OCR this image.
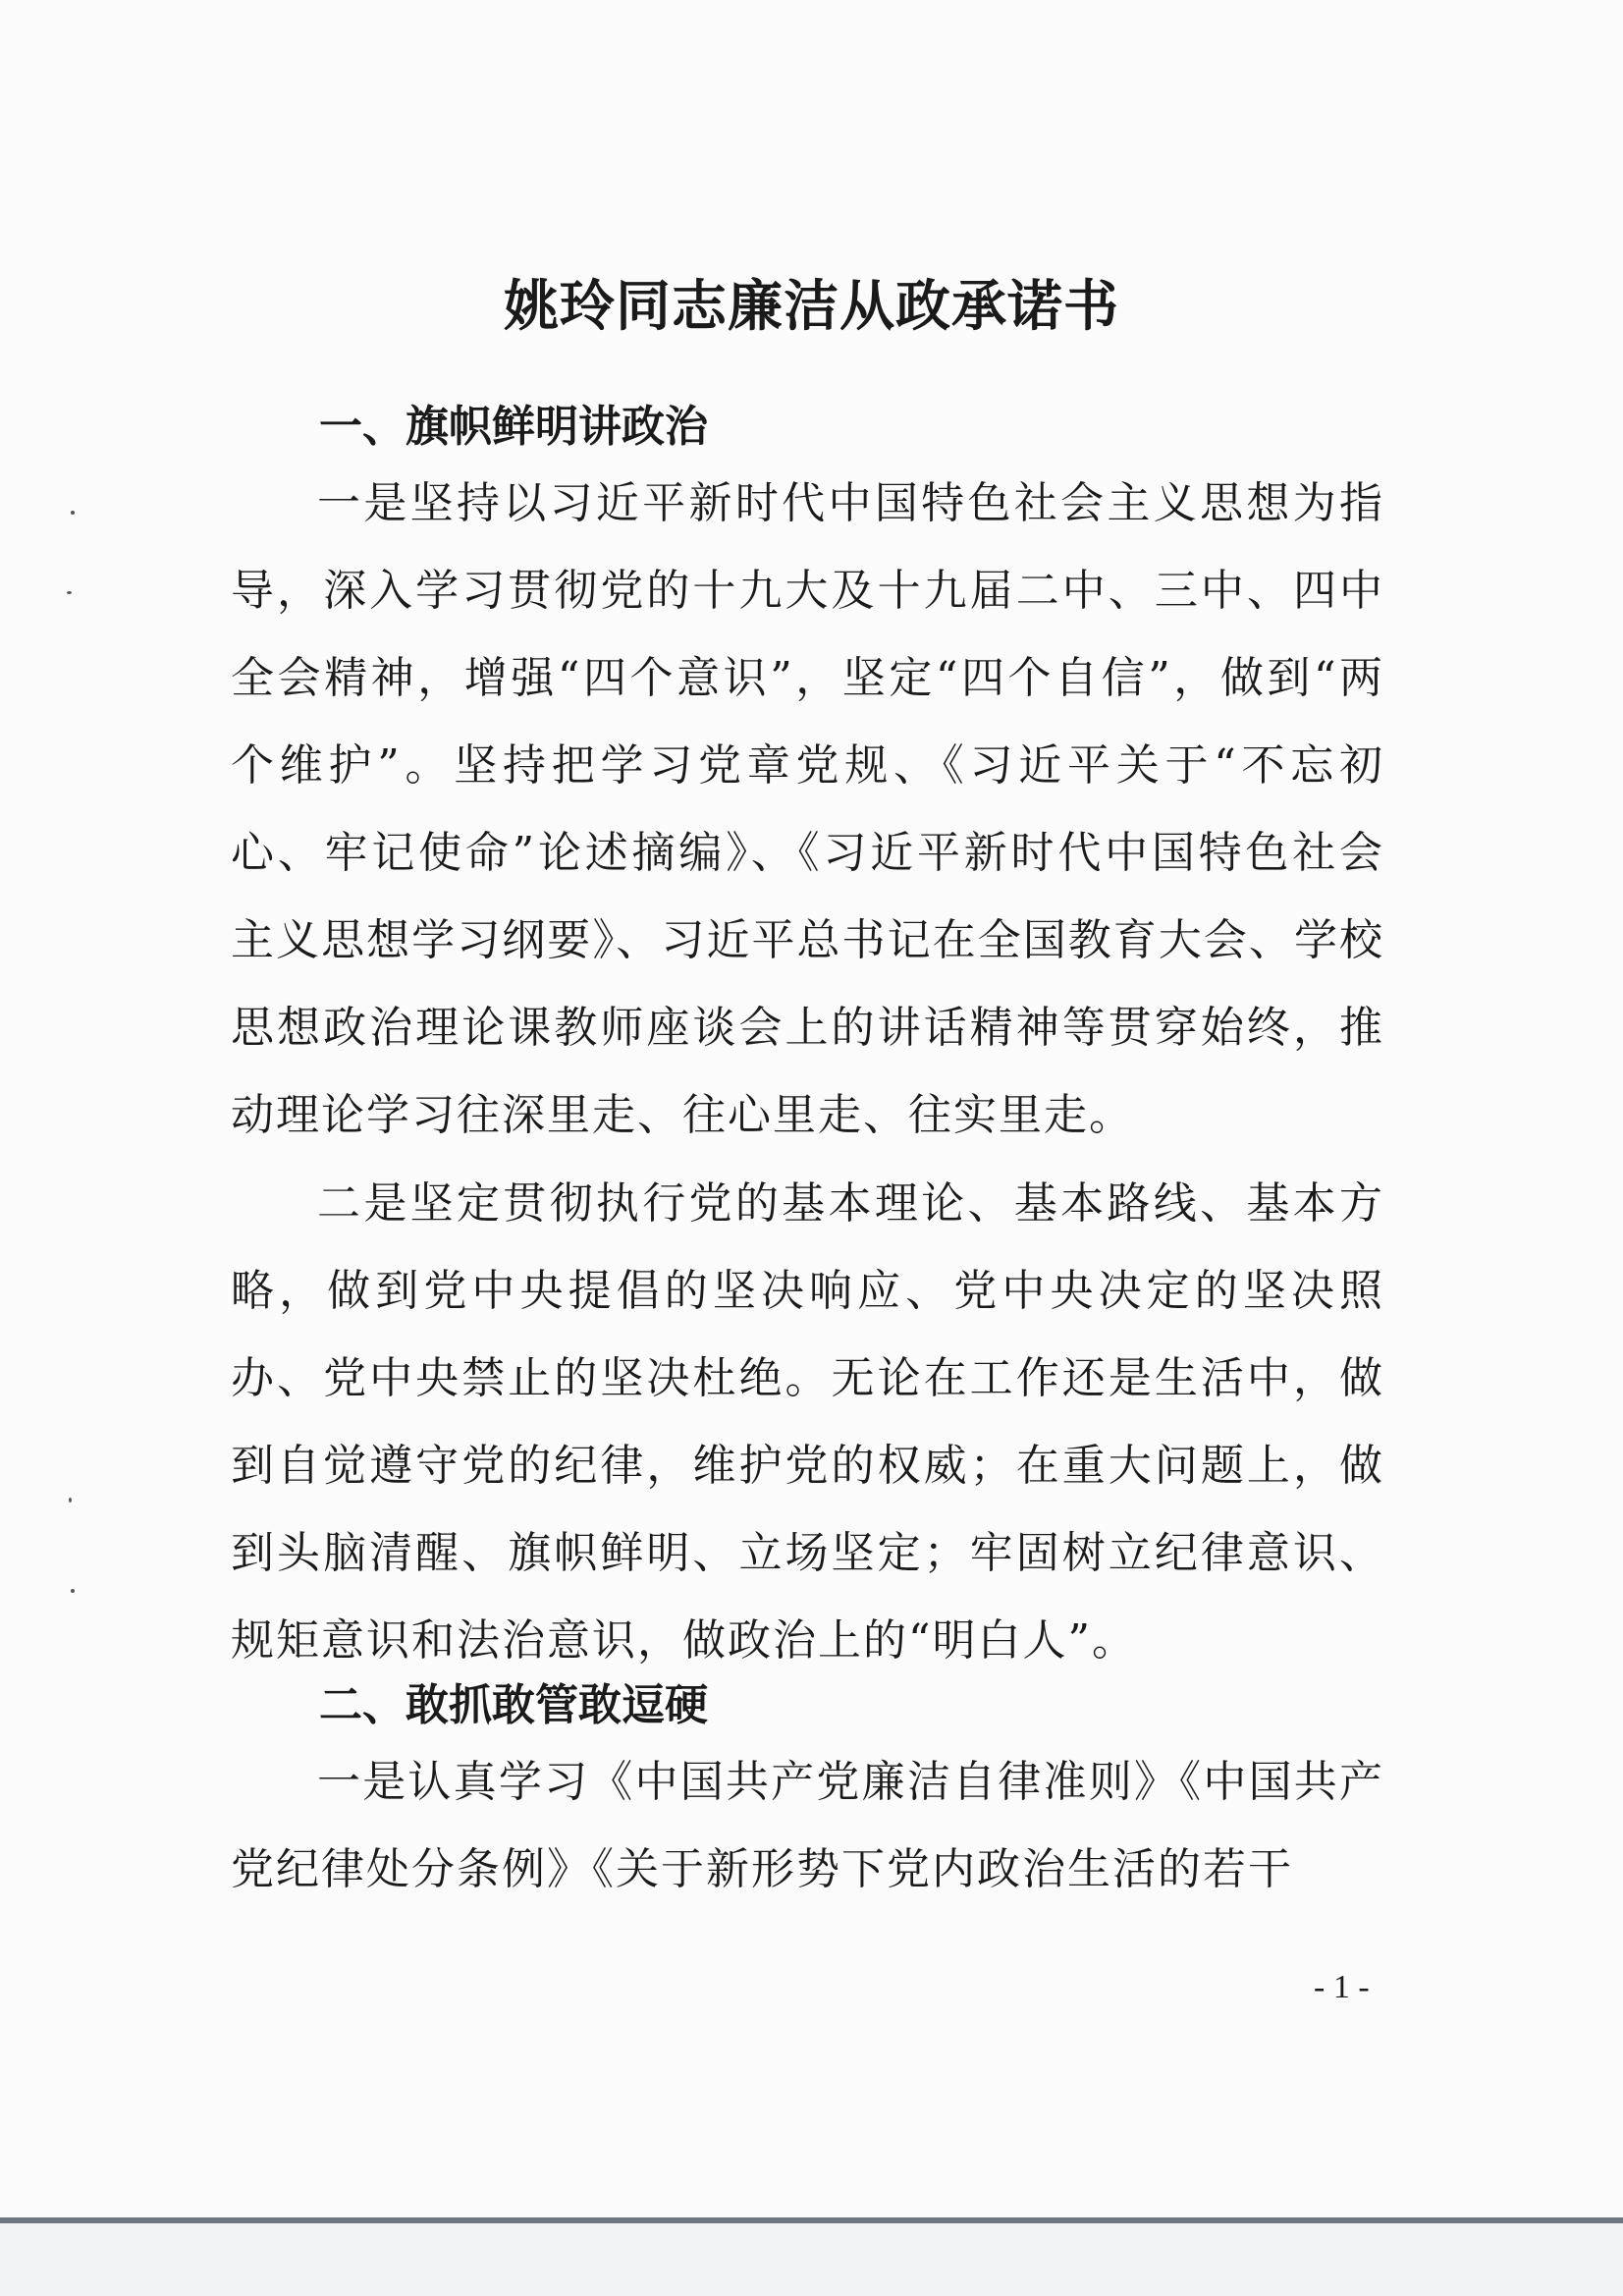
姚玲同志廉洁从政承诺书
一、旗帜鲜明讲政治
一是坚持以习近平新时代中国特色社会主义思想为指导，深入学习贯彻党的十九大及十九届二中、三中、四中全会精神，增强“四个意识”，坚定“四个自信”，做到“两个维护”。坚持把学习党章党规、《习近平关于“不忘初心、牢记使命”论述摘编》、《习近平新时代中国特色社会主义思想学习纲要》、习近平总书记在全国教育大会、学校思想政治理论课教师座谈会上的讲话精神等贯穿始终，推动理论学习往深里走、往心里走、往实里走。
二是坚定贯彻执行党的基本理论、基本路线、基本方略，做到党中央提倡的坚决响应、党中央决定的坚决照办、党中央禁止的坚决杜绝。无论在工作还是生活中，做到自觉遵守党的纪律，维护党的权威；在重大问题上，做到头脑清醒、旗帜鲜明、立场坚定；牢固树立纪律意识、规矩意识和法治意识，做政治上的“明白人”。
二、敢抓敢管敢逗硬
一是认真学习《中国共产党廉洁自律准则》《中国共产党纪律处分条例》《关于新形势下党内政治生活的若干
- 1 -
